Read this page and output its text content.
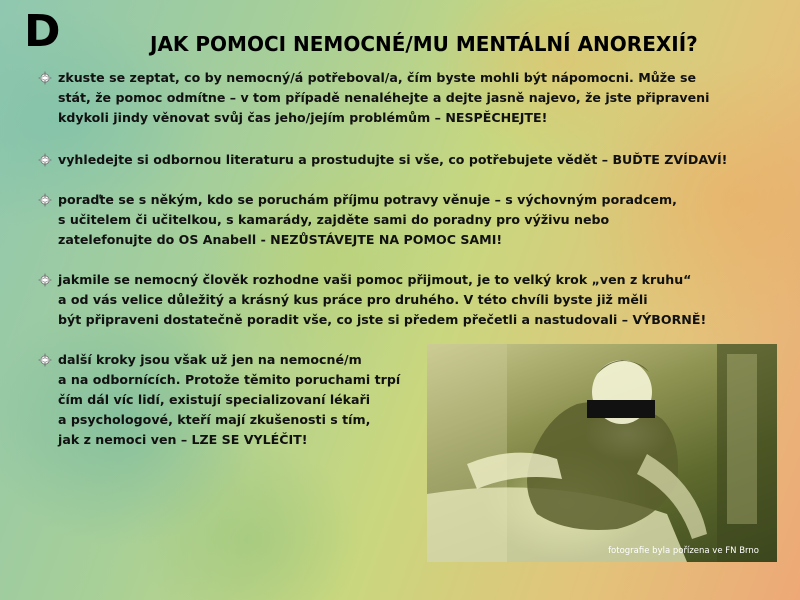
D	JAK POMOCI NEMOCNÉ/MU MENTÁLNÍ ANOREXIÍ?
zkuste se zeptat, co by nemocný/á potřeboval/a, čím byste mohli být nápomocni. Může se
stát, že pomoc odmítne – v tom případě nenaléhejte a dejte jasně najevo, že jste připraveni
kdykoli jindy věnovat svůj čas jeho/jejím problémům – NESPĚCHEJTE!
vyhledejte si odbornou literaturu a prostudujte si vše, co potřebujete vědět – BUĎTE ZVÍDAVÍ!
poraďte se s někým, kdo se poruchám příjmu potravy věnuje – s výchovným poradcem,
s učitelem či učitelkou, s kamarády, zajděte sami do poradny pro výživu nebo
zatelefonujte do OS Anabell - NEZŮSTÁVEJTE NA POMOC SAMI!
jakmile se nemocný člověk rozhodne vaši pomoc přijmout, je to velký krok „ven z kruhu“
a od vás velice důležitý a krásný kus práce pro druhého. V této chvíli byste již měli
být připraveni dostatečně poradit vše, co jste si předem přečetli a nastudovali – VÝBORNĚ!
další kroky jsou však už jen na nemocné/m
a na odbornících. Protože těmito poruchami trpí
čím dál víc lidí, existují specializovaní lékaři
a psychologové, kteří mají zkušenosti s tím,
jak z nemoci ven – LZE SE VYLÉČIT!
fotografie byla pořízena ve FN Brno
